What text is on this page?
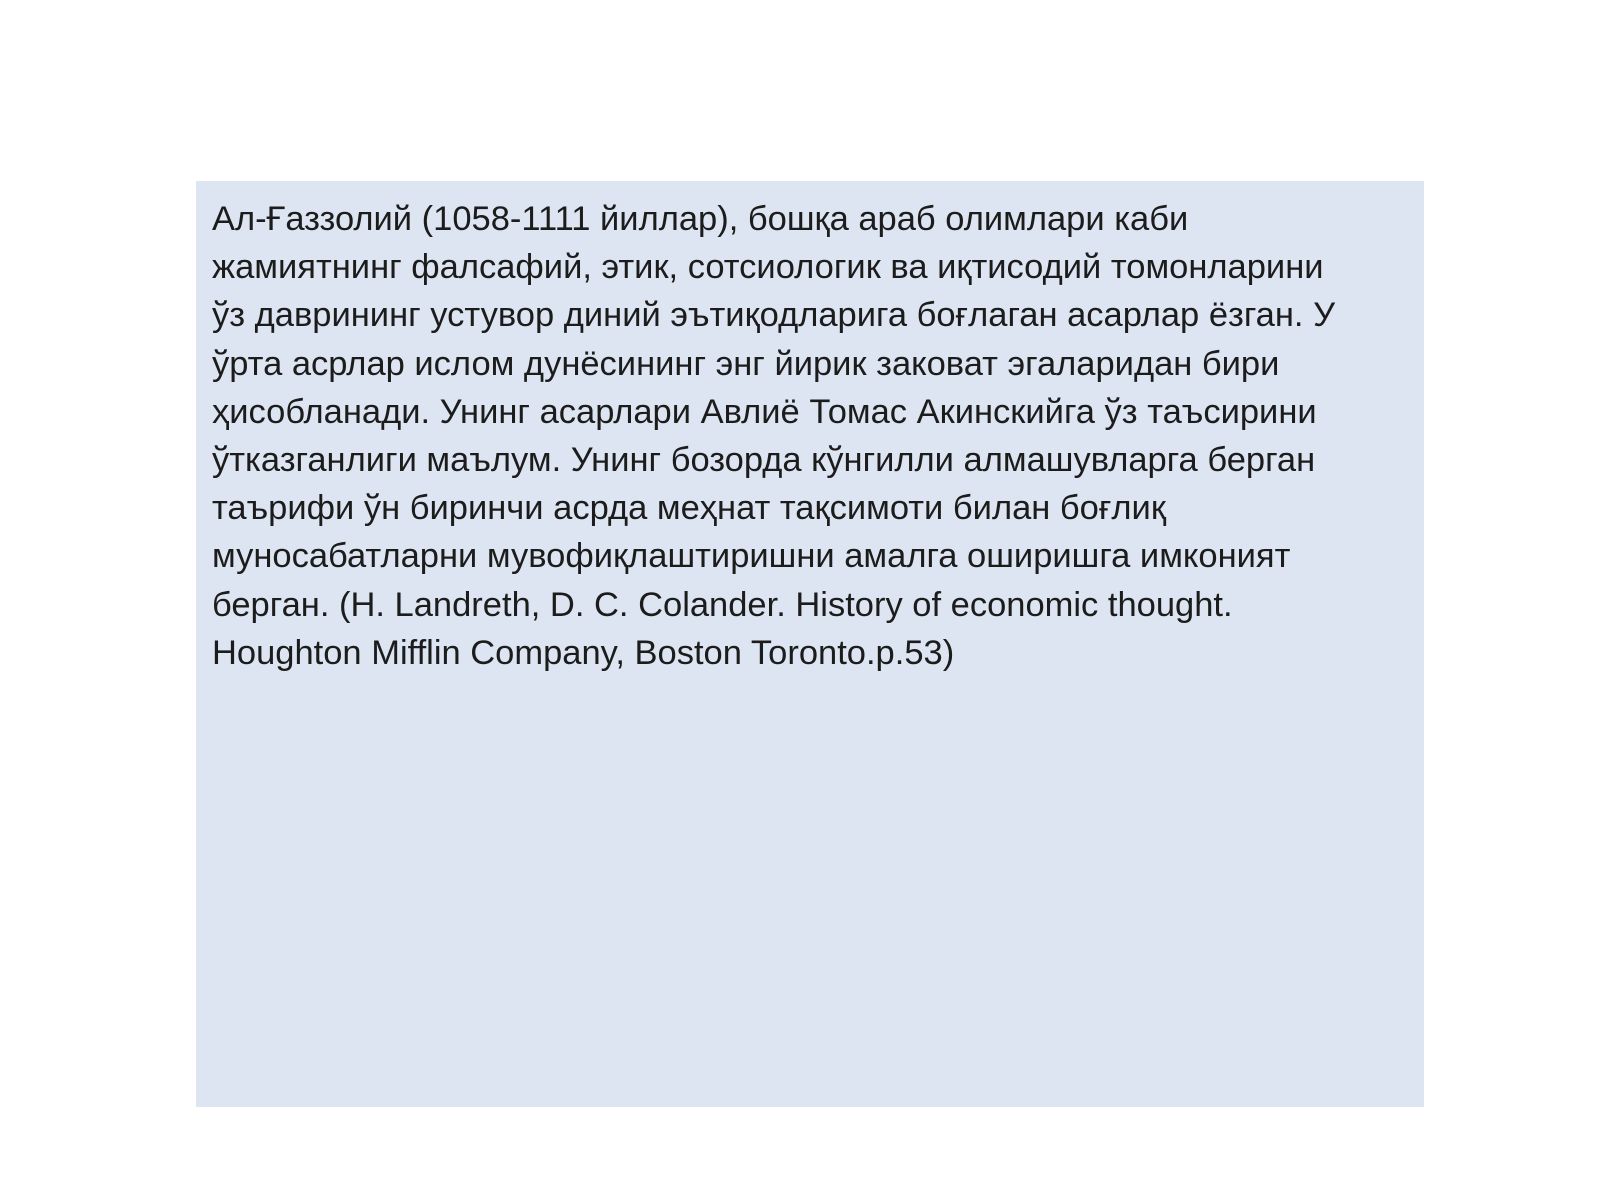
Ал-Ғаззолий (1058-1111 йиллар), бошқа араб олимлари каби
жамиятнинг фалсафий, этик, сотсиологик ва иқтисодий томонларини
ўз даврининг устувор диний эътиқодларига боғлаган асарлар ёзган. У
ўрта асрлар ислом дунёсининг энг йирик заковат эгаларидан бири
ҳисобланади. Унинг асарлари Авлиё Томас Акинскийга ўз таъсирини
ўтказганлиги маълум. Унинг бозорда кўнгилли алмашувларга берган
таърифи ўн биринчи асрда меҳнат тақсимоти билан боғлиқ
муносабатларни мувофиқлаштиришни амалга оширишга имконият
берган. (H. Landreth, D. C. Colander. History of economic thought.
Houghton Mifflin Company, Boston Toronto.p.53)
